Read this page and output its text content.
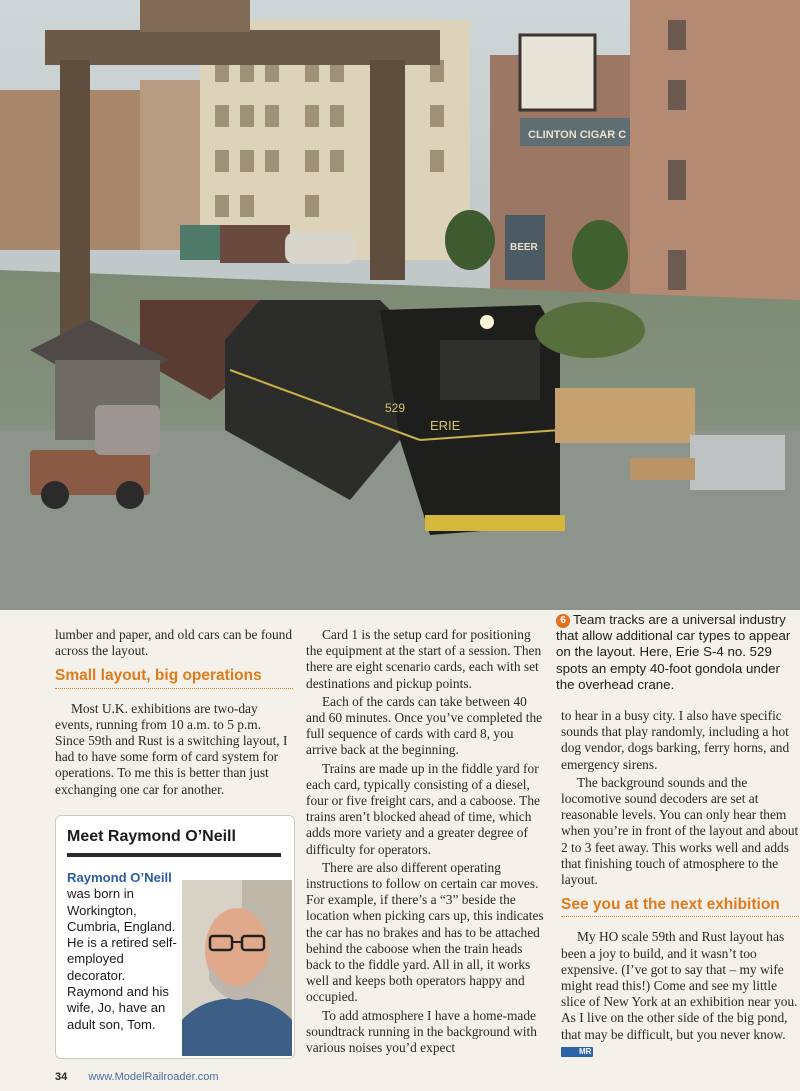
CLINTON CIGAR C
BEER
ERIE
529
6 Team tracks are a universal industry that allow additional car types to appear on the layout. Here, Erie S-4 no. 529 spots an empty 40-foot gondola under the overhead crane.

lumber and paper, and old cars can be found across the layout.

Small layout, big operations

Most U.K. exhibitions are two-day events, running from 10 a.m. to 5 p.m. Since 59th and Rust is a switching layout, I had to have some form of card system for operations. To me this is better than just exchanging one car for another.

Meet Raymond O’Neill
Raymond O’Neill was born in Workington, Cumbria, England. He is a retired self-employed decorator. Raymond and his wife, Jo, have an adult son, Tom.

Card 1 is the setup card for positioning the equipment at the start of a session. Then there are eight scenario cards, each with set destinations and pickup points.

Each of the cards can take between 40 and 60 minutes. Once you’ve completed the full sequence of cards with card 8, you arrive back at the beginning.

Trains are made up in the fiddle yard for each card, typically consisting of a diesel, four or five freight cars, and a caboose. The trains aren’t blocked ahead of time, which adds more variety and a greater degree of difficulty for operators.

There are also different operating instructions to follow on certain car moves. For example, if there’s a “3” beside the location when picking cars up, this indicates the car has no brakes and has to be attached behind the caboose when the train heads back to the fiddle yard. All in all, it works well and keeps both operators happy and occupied.

To add atmosphere I have a home-made soundtrack running in the background with various noises you’d expect

to hear in a busy city. I also have specific sounds that play randomly, including a hot dog vendor, dogs barking, ferry horns, and emergency sirens.

The background sounds and the locomotive sound decoders are set at reasonable levels. You can only hear them when you’re in front of the layout and about 2 to 3 feet away. This works well and adds that finishing touch of atmosphere to the layout.

See you at the next exhibition

My HO scale 59th and Rust layout has been a joy to build, and it wasn’t too expensive. (I’ve got to say that – my wife might read this!) Come and see my little slice of New York at an exhibition near you. As I live on the other side of the big pond, that may be difficult, but you never know. MR

34 www.ModelRailroader.com
